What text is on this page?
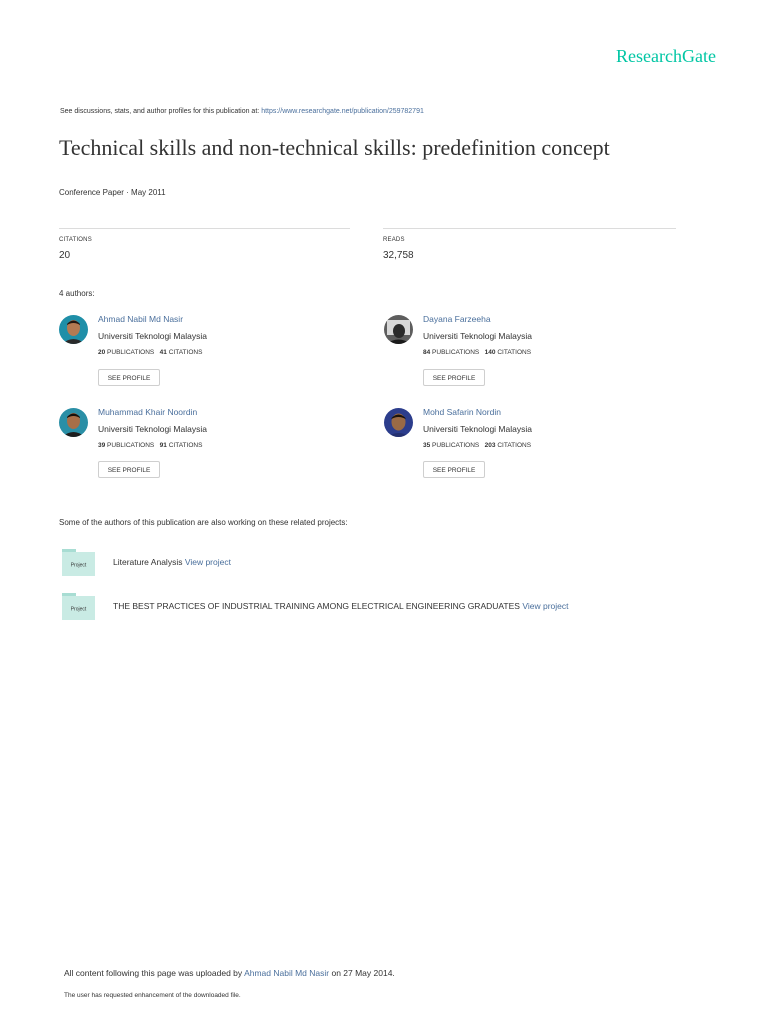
ResearchGate
See discussions, stats, and author profiles for this publication at: https://www.researchgate.net/publication/259782791
Technical skills and non-technical skills: predefinition concept
Conference Paper · May 2011
CITATIONS
20
READS
32,758
4 authors:
Ahmad Nabil Md Nasir
Universiti Teknologi Malaysia
20 PUBLICATIONS 41 CITATIONS
SEE PROFILE
Dayana Farzeeha
Universiti Teknologi Malaysia
84 PUBLICATIONS 140 CITATIONS
SEE PROFILE
Muhammad Khair Noordin
Universiti Teknologi Malaysia
39 PUBLICATIONS 91 CITATIONS
SEE PROFILE
Mohd Safarin Nordin
Universiti Teknologi Malaysia
35 PUBLICATIONS 203 CITATIONS
SEE PROFILE
Some of the authors of this publication are also working on these related projects:
Project	Literature Analysis View project
Project	THE BEST PRACTICES OF INDUSTRIAL TRAINING AMONG ELECTRICAL ENGINEERING GRADUATES View project
All content following this page was uploaded by Ahmad Nabil Md Nasir on 27 May 2014.
The user has requested enhancement of the downloaded file.
